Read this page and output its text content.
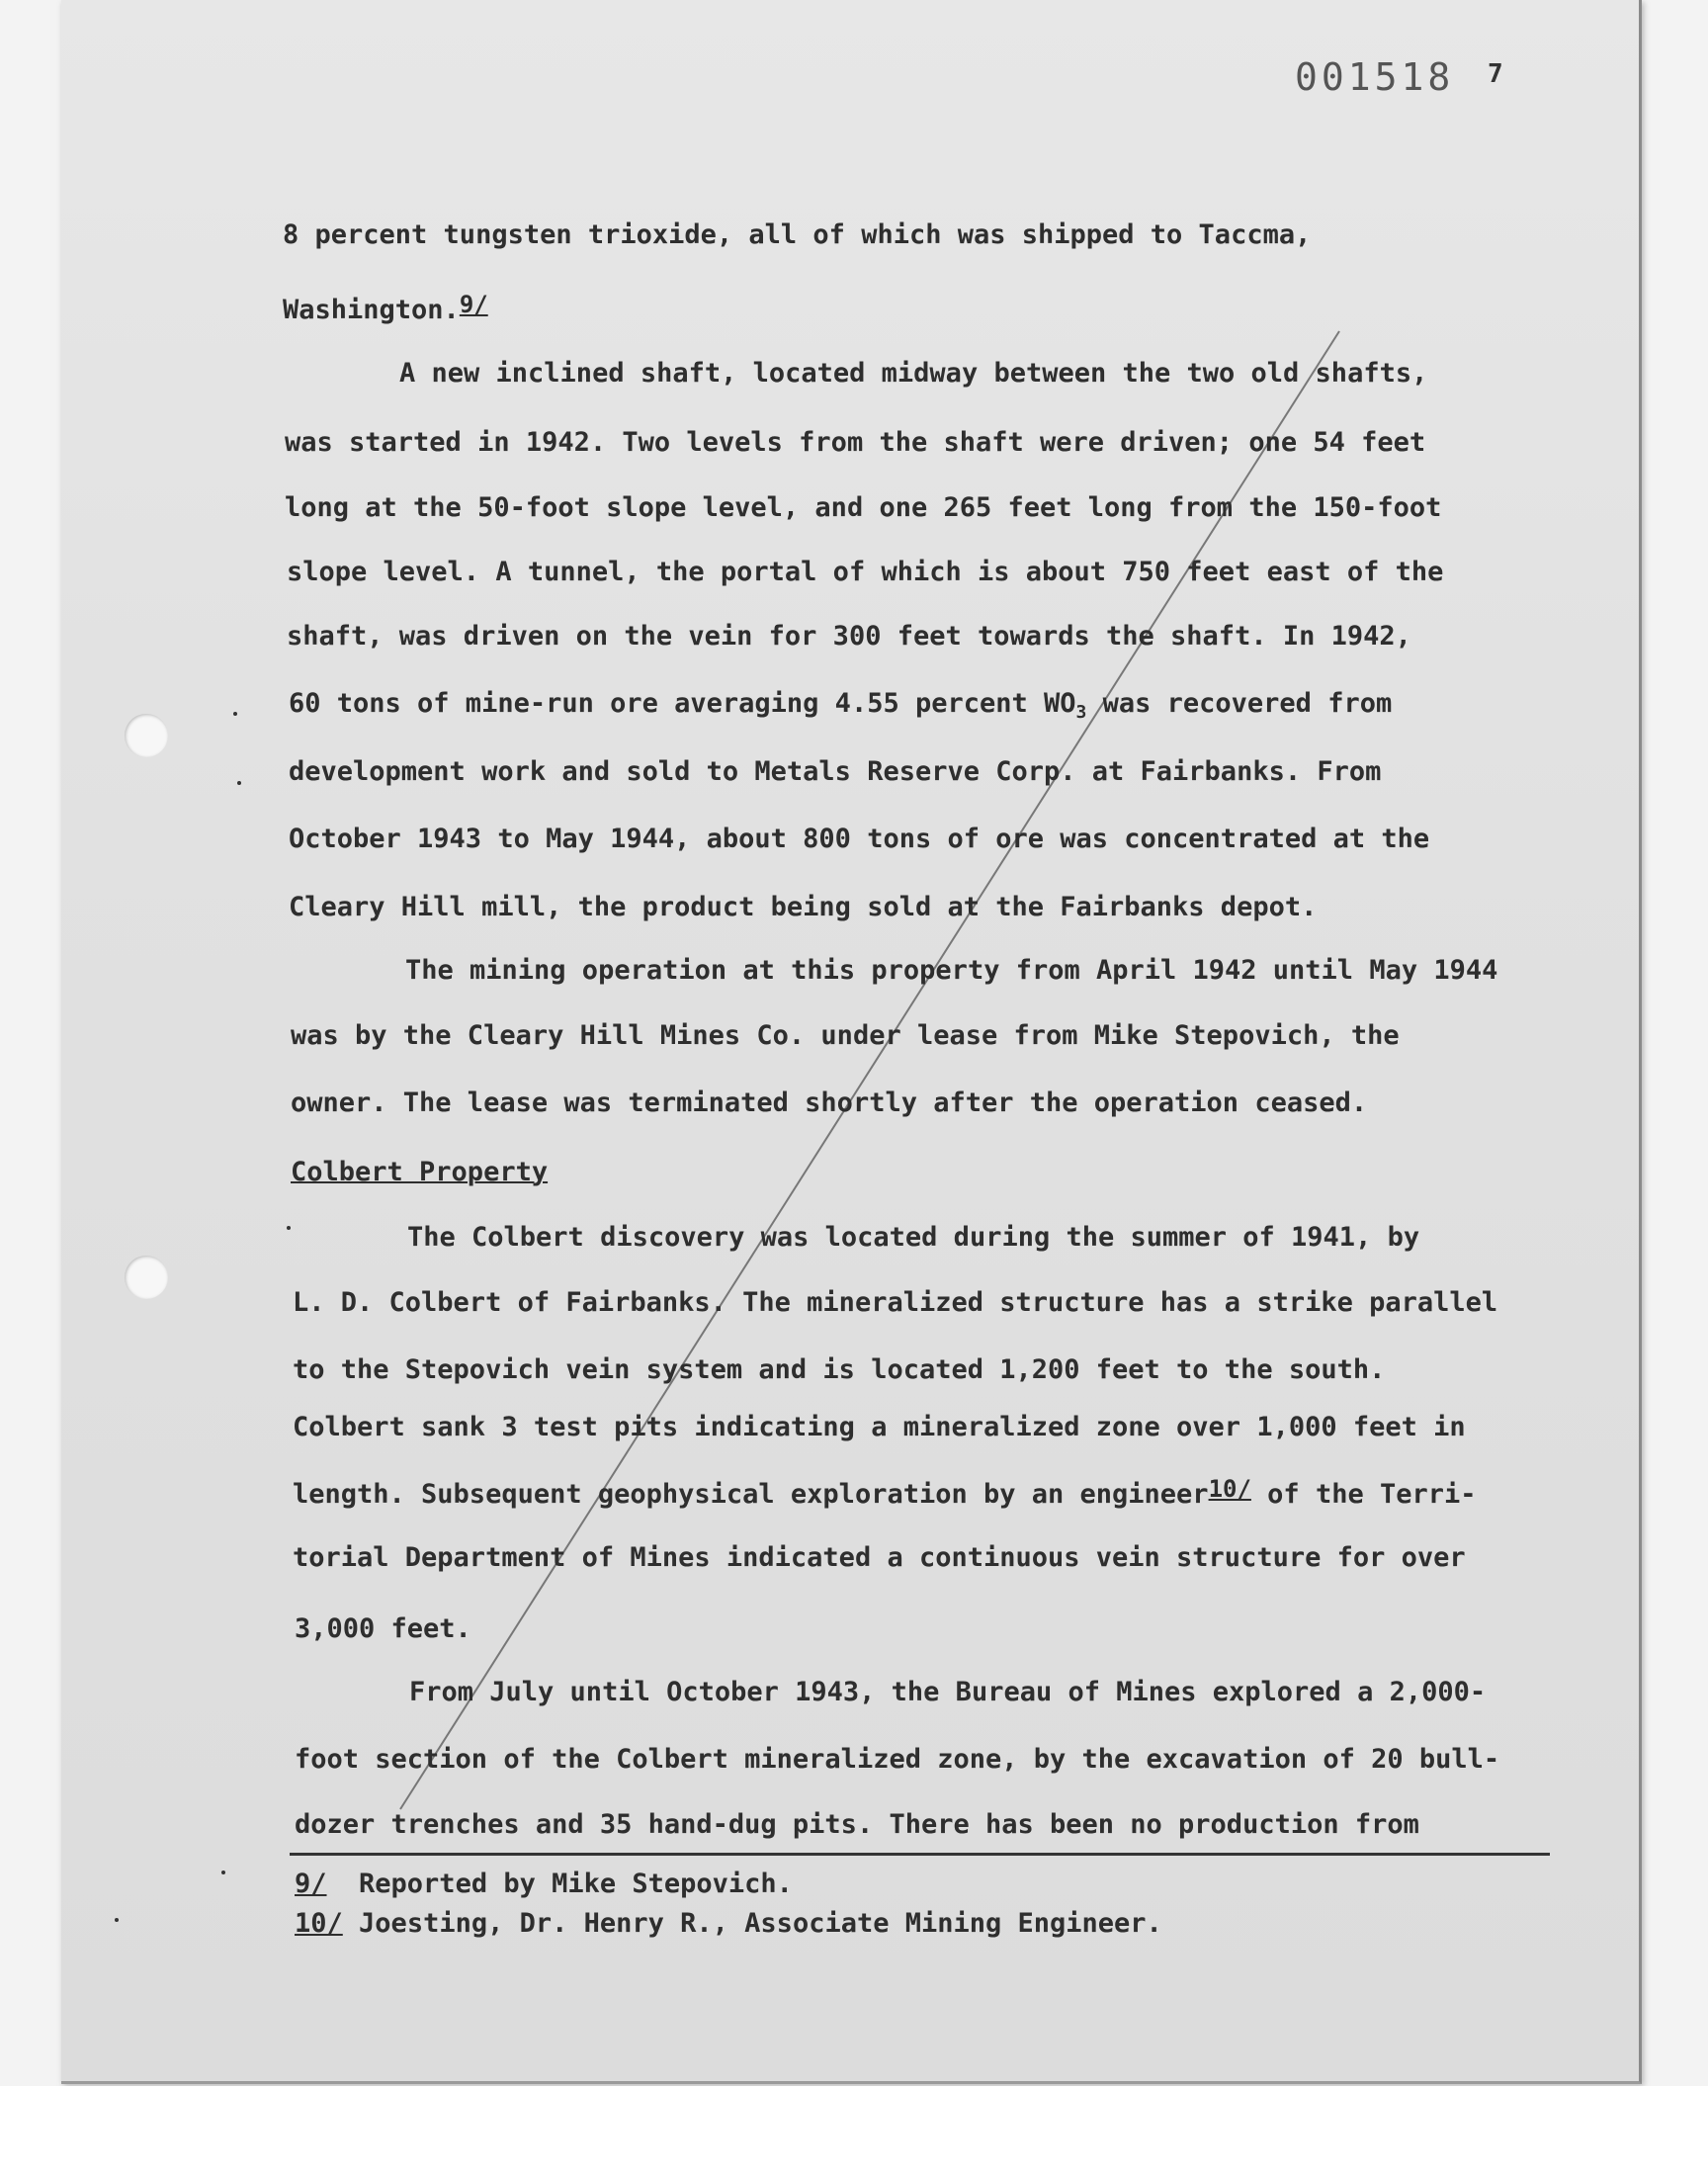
001518 7
8 percent tungsten trioxide, all of which was shipped to Taccma,
Washington.9/
A new inclined shaft, located midway between the two old shafts,
was started in 1942. Two levels from the shaft were driven; one 54 feet
long at the 50-foot slope level, and one 265 feet long from the 150-foot
slope level. A tunnel, the portal of which is about 750 feet east of the
shaft, was driven on the vein for 300 feet towards the shaft. In 1942,
60 tons of mine-run ore averaging 4.55 percent $WO_3$ was recovered from
development work and sold to Metals Reserve Corp. at Fairbanks. From
October 1943 to May 1944, about 800 tons of ore was concentrated at the
Cleary Hill mill, the product being sold at the Fairbanks depot.
The mining operation at this property from April 1942 until May 1944
was by the Cleary Hill Mines Co. under lease from Mike Stepovich, the
owner. The lease was terminated shortly after the operation ceased.
Colbert Property
The Colbert discovery was located during the summer of 1941, by
L. D. Colbert of Fairbanks. The mineralized structure has a strike parallel
to the Stepovich vein system and is located 1,200 feet to the south.
Colbert sank 3 test pits indicating a mineralized zone over 1,000 feet in
length. Subsequent geophysical exploration by an engineer10/ of the Terri-
torial Department of Mines indicated a continuous vein structure for over
3,000 feet.
From July until October 1943, the Bureau of Mines explored a 2,000-
foot section of the Colbert mineralized zone, by the excavation of 20 bull-
dozer trenches and 35 hand-dug pits. There has been no production from
9/ Reported by Mike Stepovich.
10/ Joesting, Dr. Henry R., Associate Mining Engineer.
